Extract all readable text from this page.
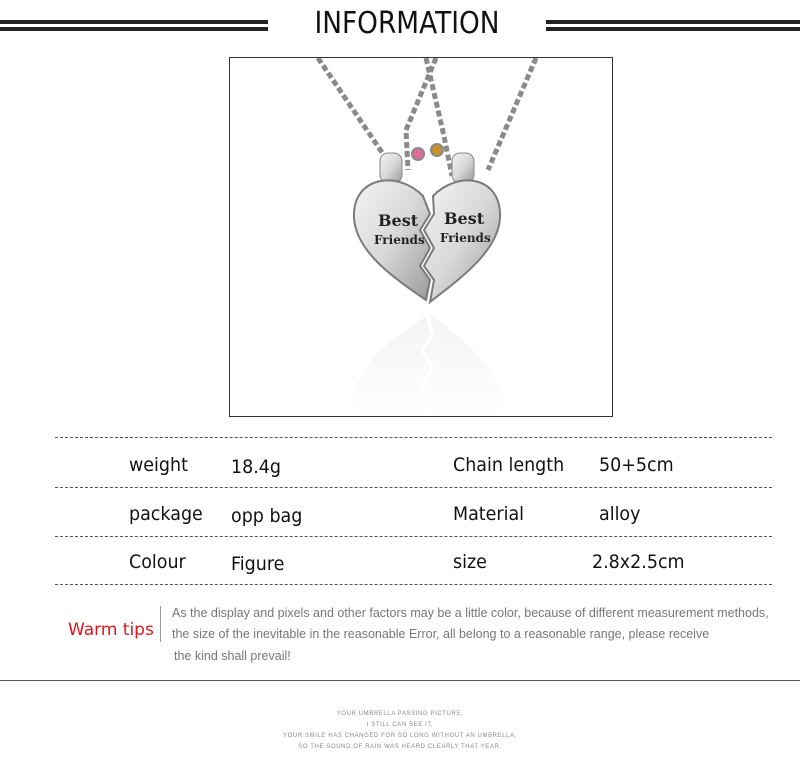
INFORMATION
Best
Friends
Best
Friends
weight 18.4g	Chain length 50+5cm
package opp bag	Material	alloy
Colour Figure	size	2.8x2.5cm
Warm tips
As the display and pixels and other factors may be a little color, because of different measurement methods,
the size of the inevitable in the reasonable Error, all belong to a reasonable range, please receive
the kind shall prevail!
YOUR UMBRELLA PASSING PICTURE,
I STILL CAN SEE IT,
YOUR SMILE HAS CHANGED FOR SO LONG WITHOUT AN UMBRELLA,
SO THE SOUND OF RAIN WAS HEARD CLEARLY THAT YEAR.
